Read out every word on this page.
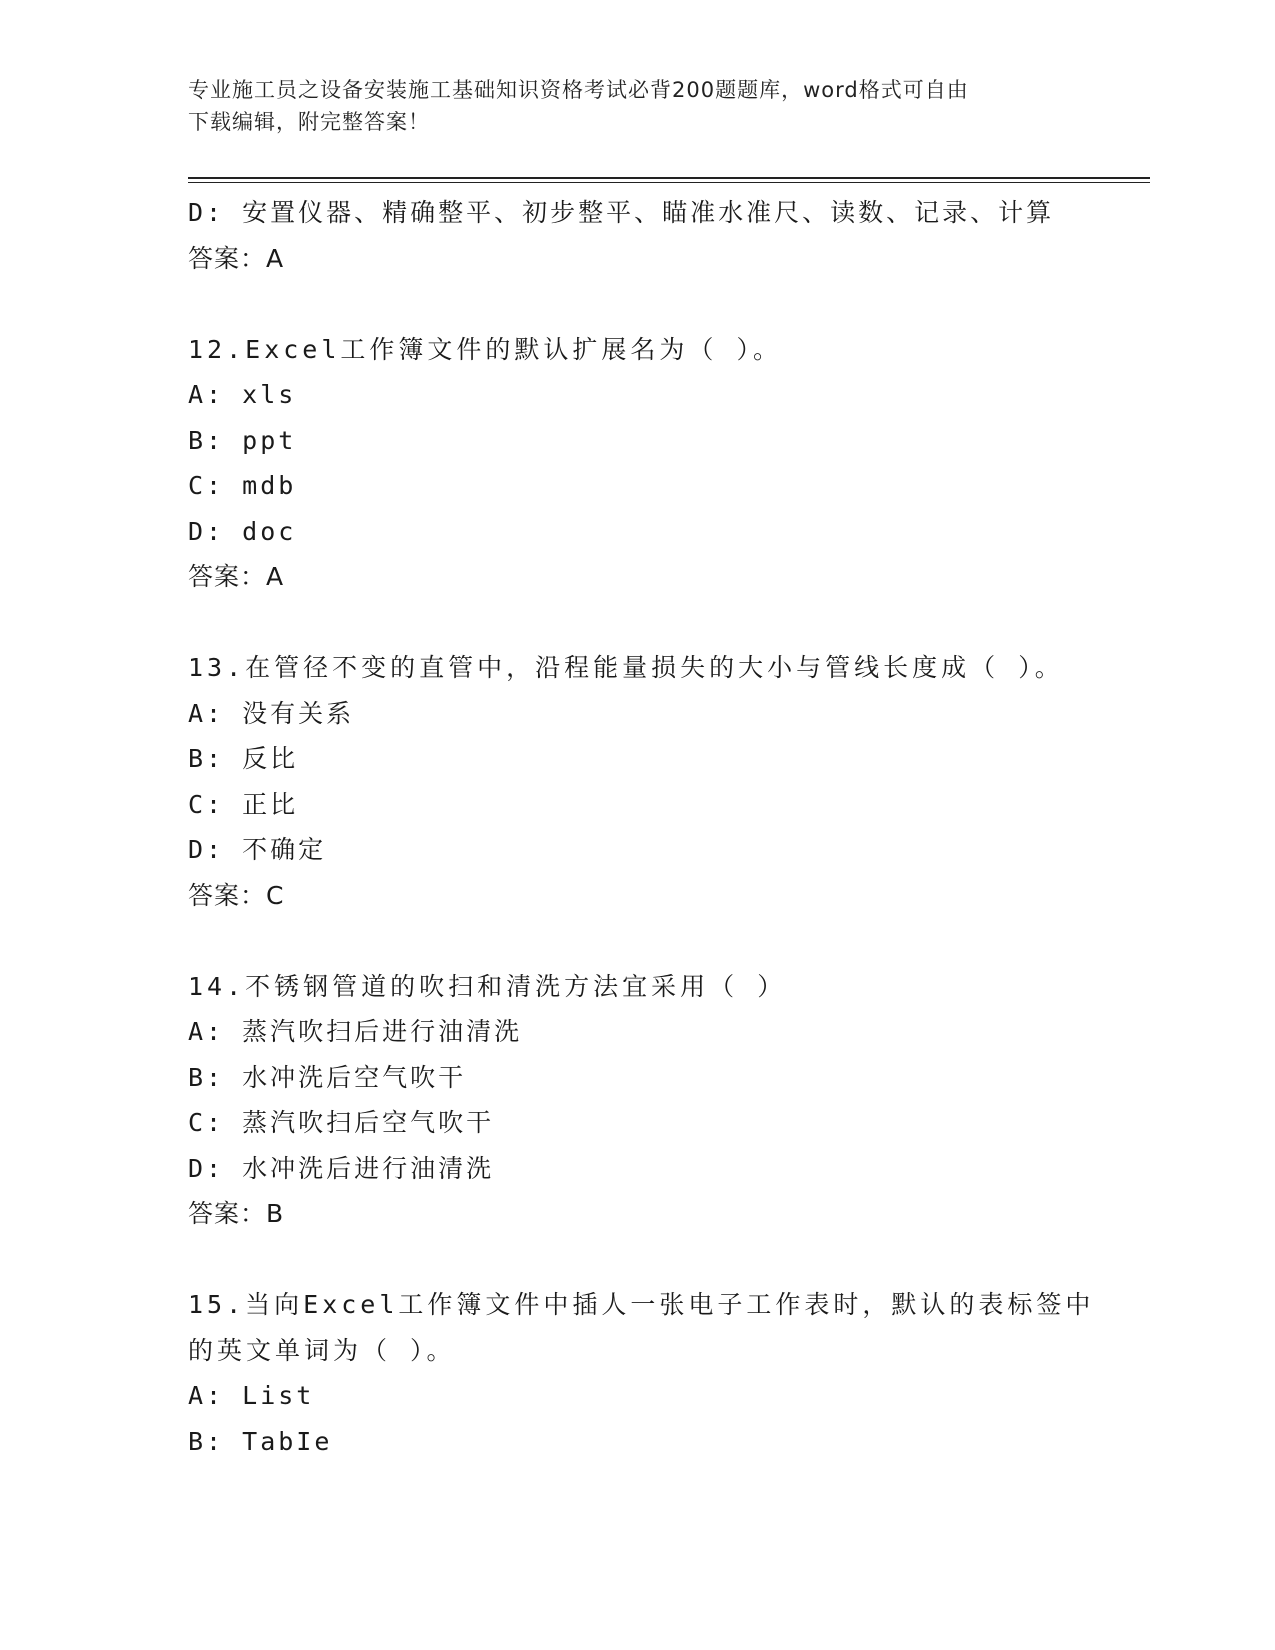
专业施工员之设备安装施工基础知识资格考试必背200题题库，word格式可自由
下载编辑，附完整答案！
D: 安置仪器、精确整平、初步整平、瞄准水准尺、读数、记录、计算
答案：A
12.Excel工作簿文件的默认扩展名为（ ）。
A: xls
B: ppt
C: mdb
D: doc
答案：A
13.在管径不变的直管中，沿程能量损失的大小与管线长度成（ ）。
A: 没有关系
B: 反比
C: 正比
D: 不确定
答案：C
14.不锈钢管道的吹扫和清洗方法宜采用（ ）
A: 蒸汽吹扫后进行油清洗
B: 水冲洗后空气吹干
C: 蒸汽吹扫后空气吹干
D: 水冲洗后进行油清洗
答案：B
15.当向Excel工作簿文件中插人一张电子工作表时，默认的表标签中
的英文单词为（ ）。
A: List
B: TabIe
